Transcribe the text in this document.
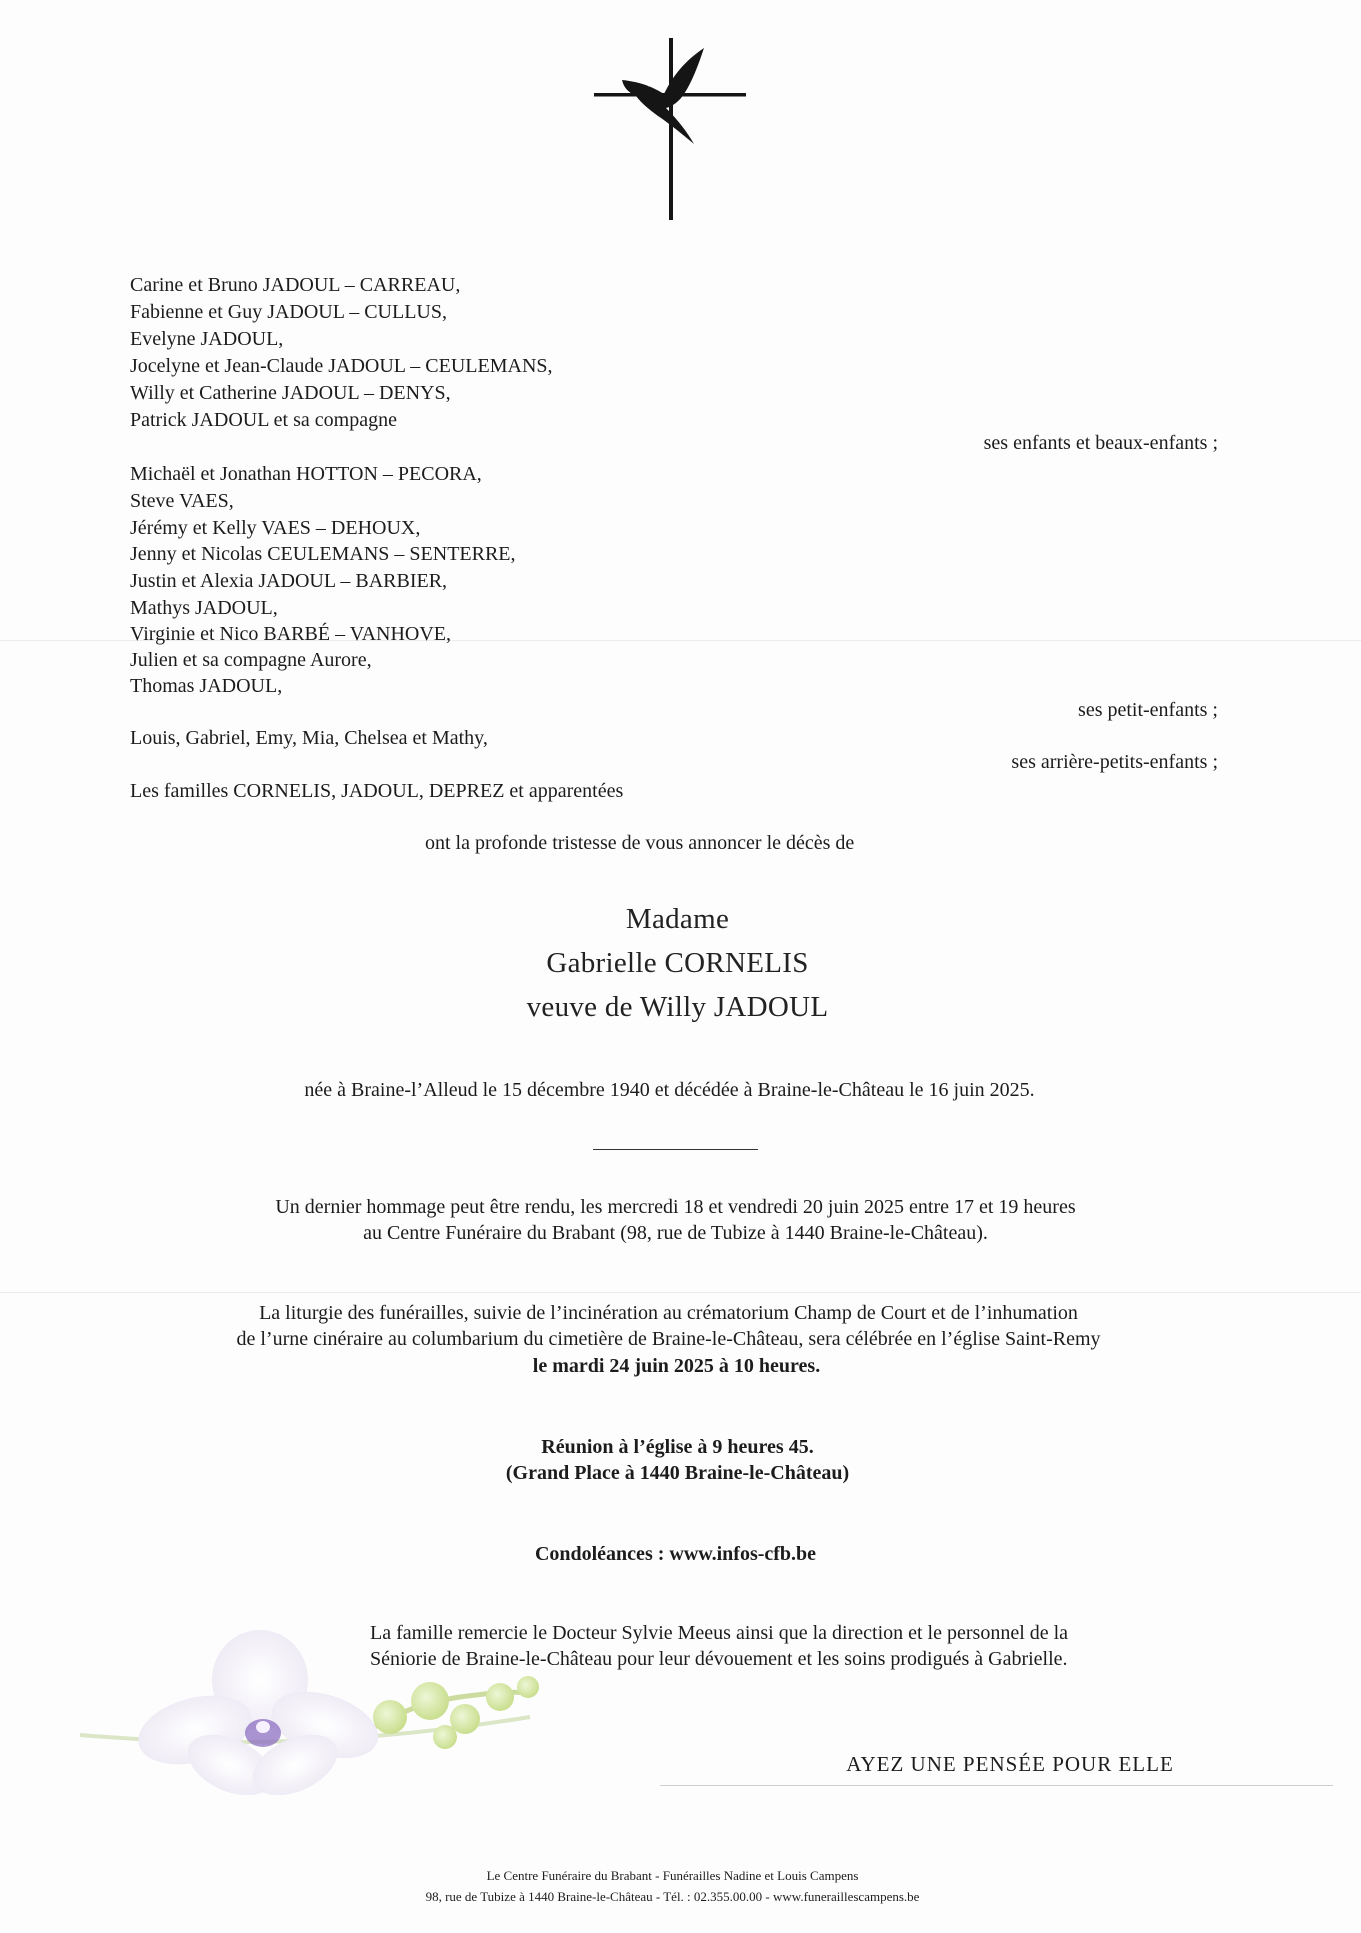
Carine et Bruno JADOUL – CARREAU,
Fabienne et Guy JADOUL – CULLUS,
Evelyne JADOUL,
Jocelyne et Jean-Claude JADOUL – CEULEMANS,
Willy et Catherine JADOUL – DENYS,
Patrick JADOUL et sa compagne
ses enfants et beaux-enfants ;
Michaël et Jonathan HOTTON – PECORA,
Steve VAES,
Jérémy et Kelly VAES – DEHOUX,
Jenny et Nicolas CEULEMANS – SENTERRE,
Justin et Alexia JADOUL – BARBIER,
Mathys JADOUL,
Virginie et Nico BARBÉ – VANHOVE,
Julien et sa compagne Aurore,
Thomas JADOUL,
ses petit-enfants ;
Louis, Gabriel, Emy, Mia, Chelsea et Mathy,
ses arrière-petits-enfants ;
Les familles CORNELIS, JADOUL, DEPREZ et apparentées
ont la profonde tristesse de vous annoncer le décès de
Madame
Gabrielle CORNELIS
veuve de Willy JADOUL
née à Braine-l’Alleud le 15 décembre 1940 et décédée à Braine-le-Château le 16 juin 2025.
Un dernier hommage peut être rendu, les mercredi 18 et vendredi 20 juin 2025 entre 17 et 19 heures
au Centre Funéraire du Brabant (98, rue de Tubize à 1440 Braine-le-Château).
La liturgie des funérailles, suivie de l’incinération au crématorium Champ de Court et de l’inhumation
de l’urne cinéraire au columbarium du cimetière de Braine-le-Château, sera célébrée en l’église Saint-Remy
le mardi 24 juin 2025 à 10 heures.
Réunion à l’église à 9 heures 45.
(Grand Place à 1440 Braine-le-Château)
Condoléances : www.infos-cfb.be
La famille remercie le Docteur Sylvie Meeus ainsi que la direction et le personnel de la
Séniorie de Braine-le-Château pour leur dévouement et les soins prodigués à Gabrielle.
AYEZ UNE PENSÉE POUR ELLE
Le Centre Funéraire du Brabant - Funérailles Nadine et Louis Campens
98, rue de Tubize à 1440 Braine-le-Château - Tél. : 02.355.00.00 - www.funeraillescampens.be
